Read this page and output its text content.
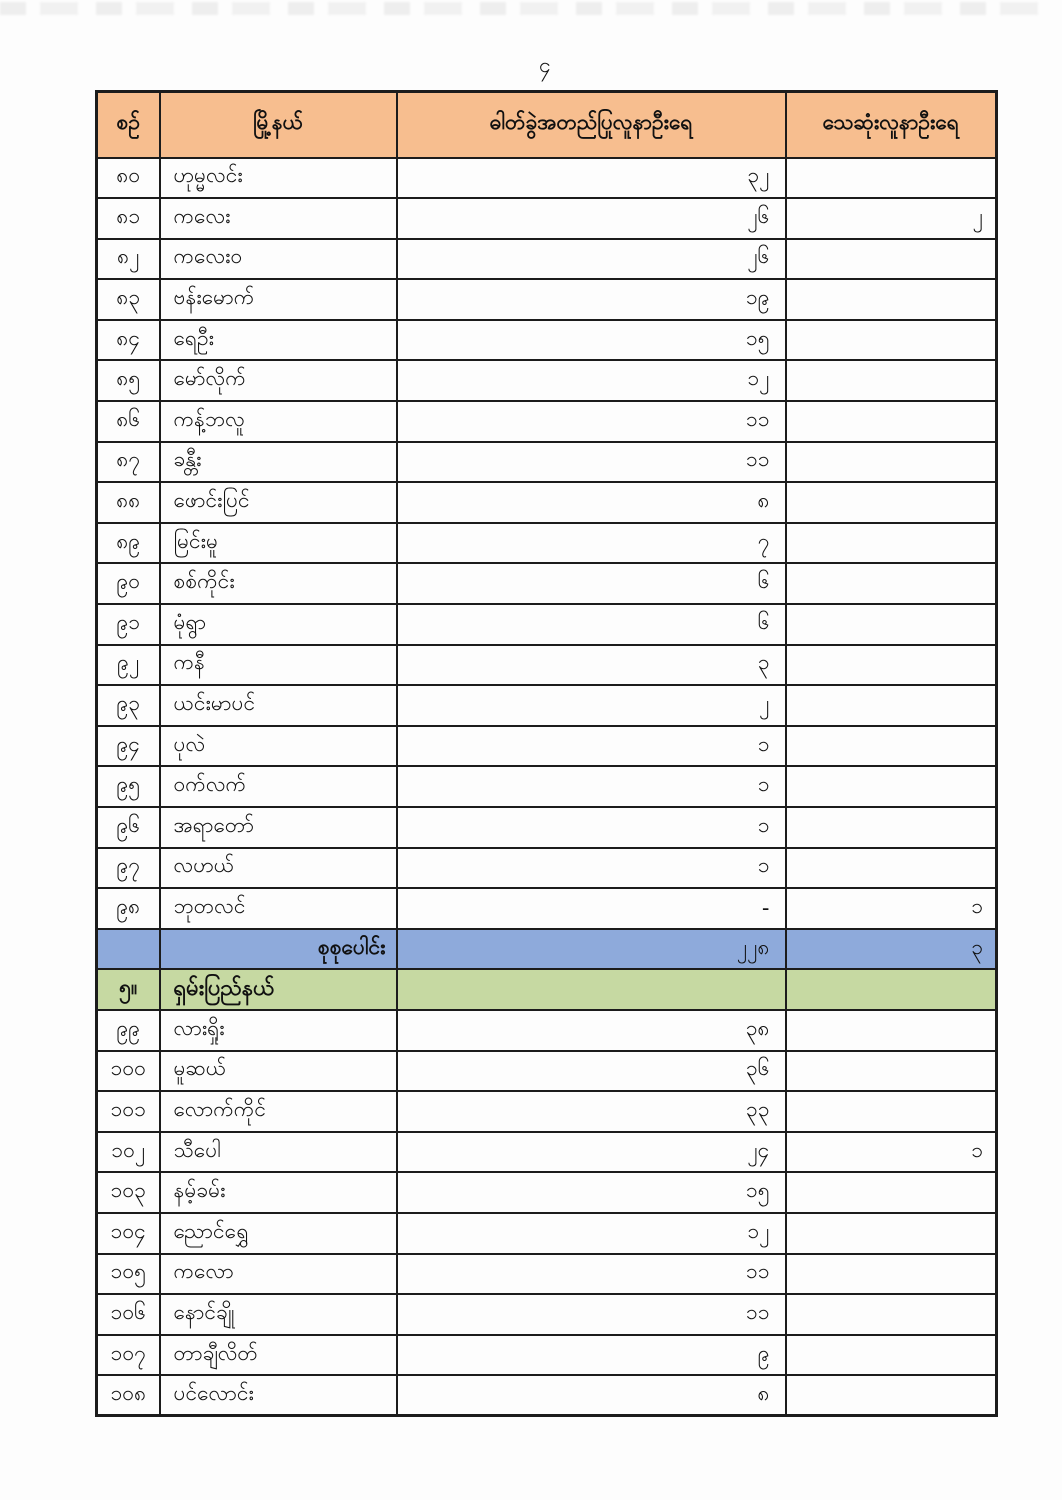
၄
စဉ်	မြို့နယ်	ဓါတ်ခွဲအတည်ပြုလူနာဦးရေ	သေဆုံးလူနာဦးရေ
၈၀	ဟုမ္မလင်း	၃၂	
၈၁	ကလေး	၂၆	၂
၈၂	ကလေးဝ	၂၆	
၈၃	ဗန်းမောက်	၁၉	
၈၄	ရေဦး	၁၅	
၈၅	မော်လိုက်	၁၂	
၈၆	ကန့်ဘလူ	၁၁	
၈၇	ခန္တီး	၁၁	
၈၈	ဖောင်းပြင်	၈	
၈၉	မြင်းမူ	၇	
၉၀	စစ်ကိုင်း	၆	
၉၁	မုံရွာ	၆	
၉၂	ကနီ	၃	
၉၃	ယင်းမာပင်	၂	
၉၄	ပုလဲ	၁	
၉၅	ဝက်လက်	၁	
၉၆	အရာတော်	၁	
၉၇	လဟယ်	၁	
၉၈	ဘုတလင်	-	၁
	စုစုပေါင်း	၂၂၈	၃
၅။	ရှမ်းပြည်နယ်		
၉၉	လားရှိုး	၃၈	
၁၀၀	မူဆယ်	၃၆	
၁၀၁	လောက်ကိုင်	၃၃	
၁၀၂	သီပေါ	၂၄	၁
၁၀၃	နမ့်ခမ်း	၁၅	
၁၀၄	ညောင်ရွှေ	၁၂	
၁၀၅	ကလော	၁၁	
၁၀၆	နောင်ချို	၁၁	
၁၀၇	တာချီလိတ်	၉	
၁၀၈	ပင်လောင်း	၈	
